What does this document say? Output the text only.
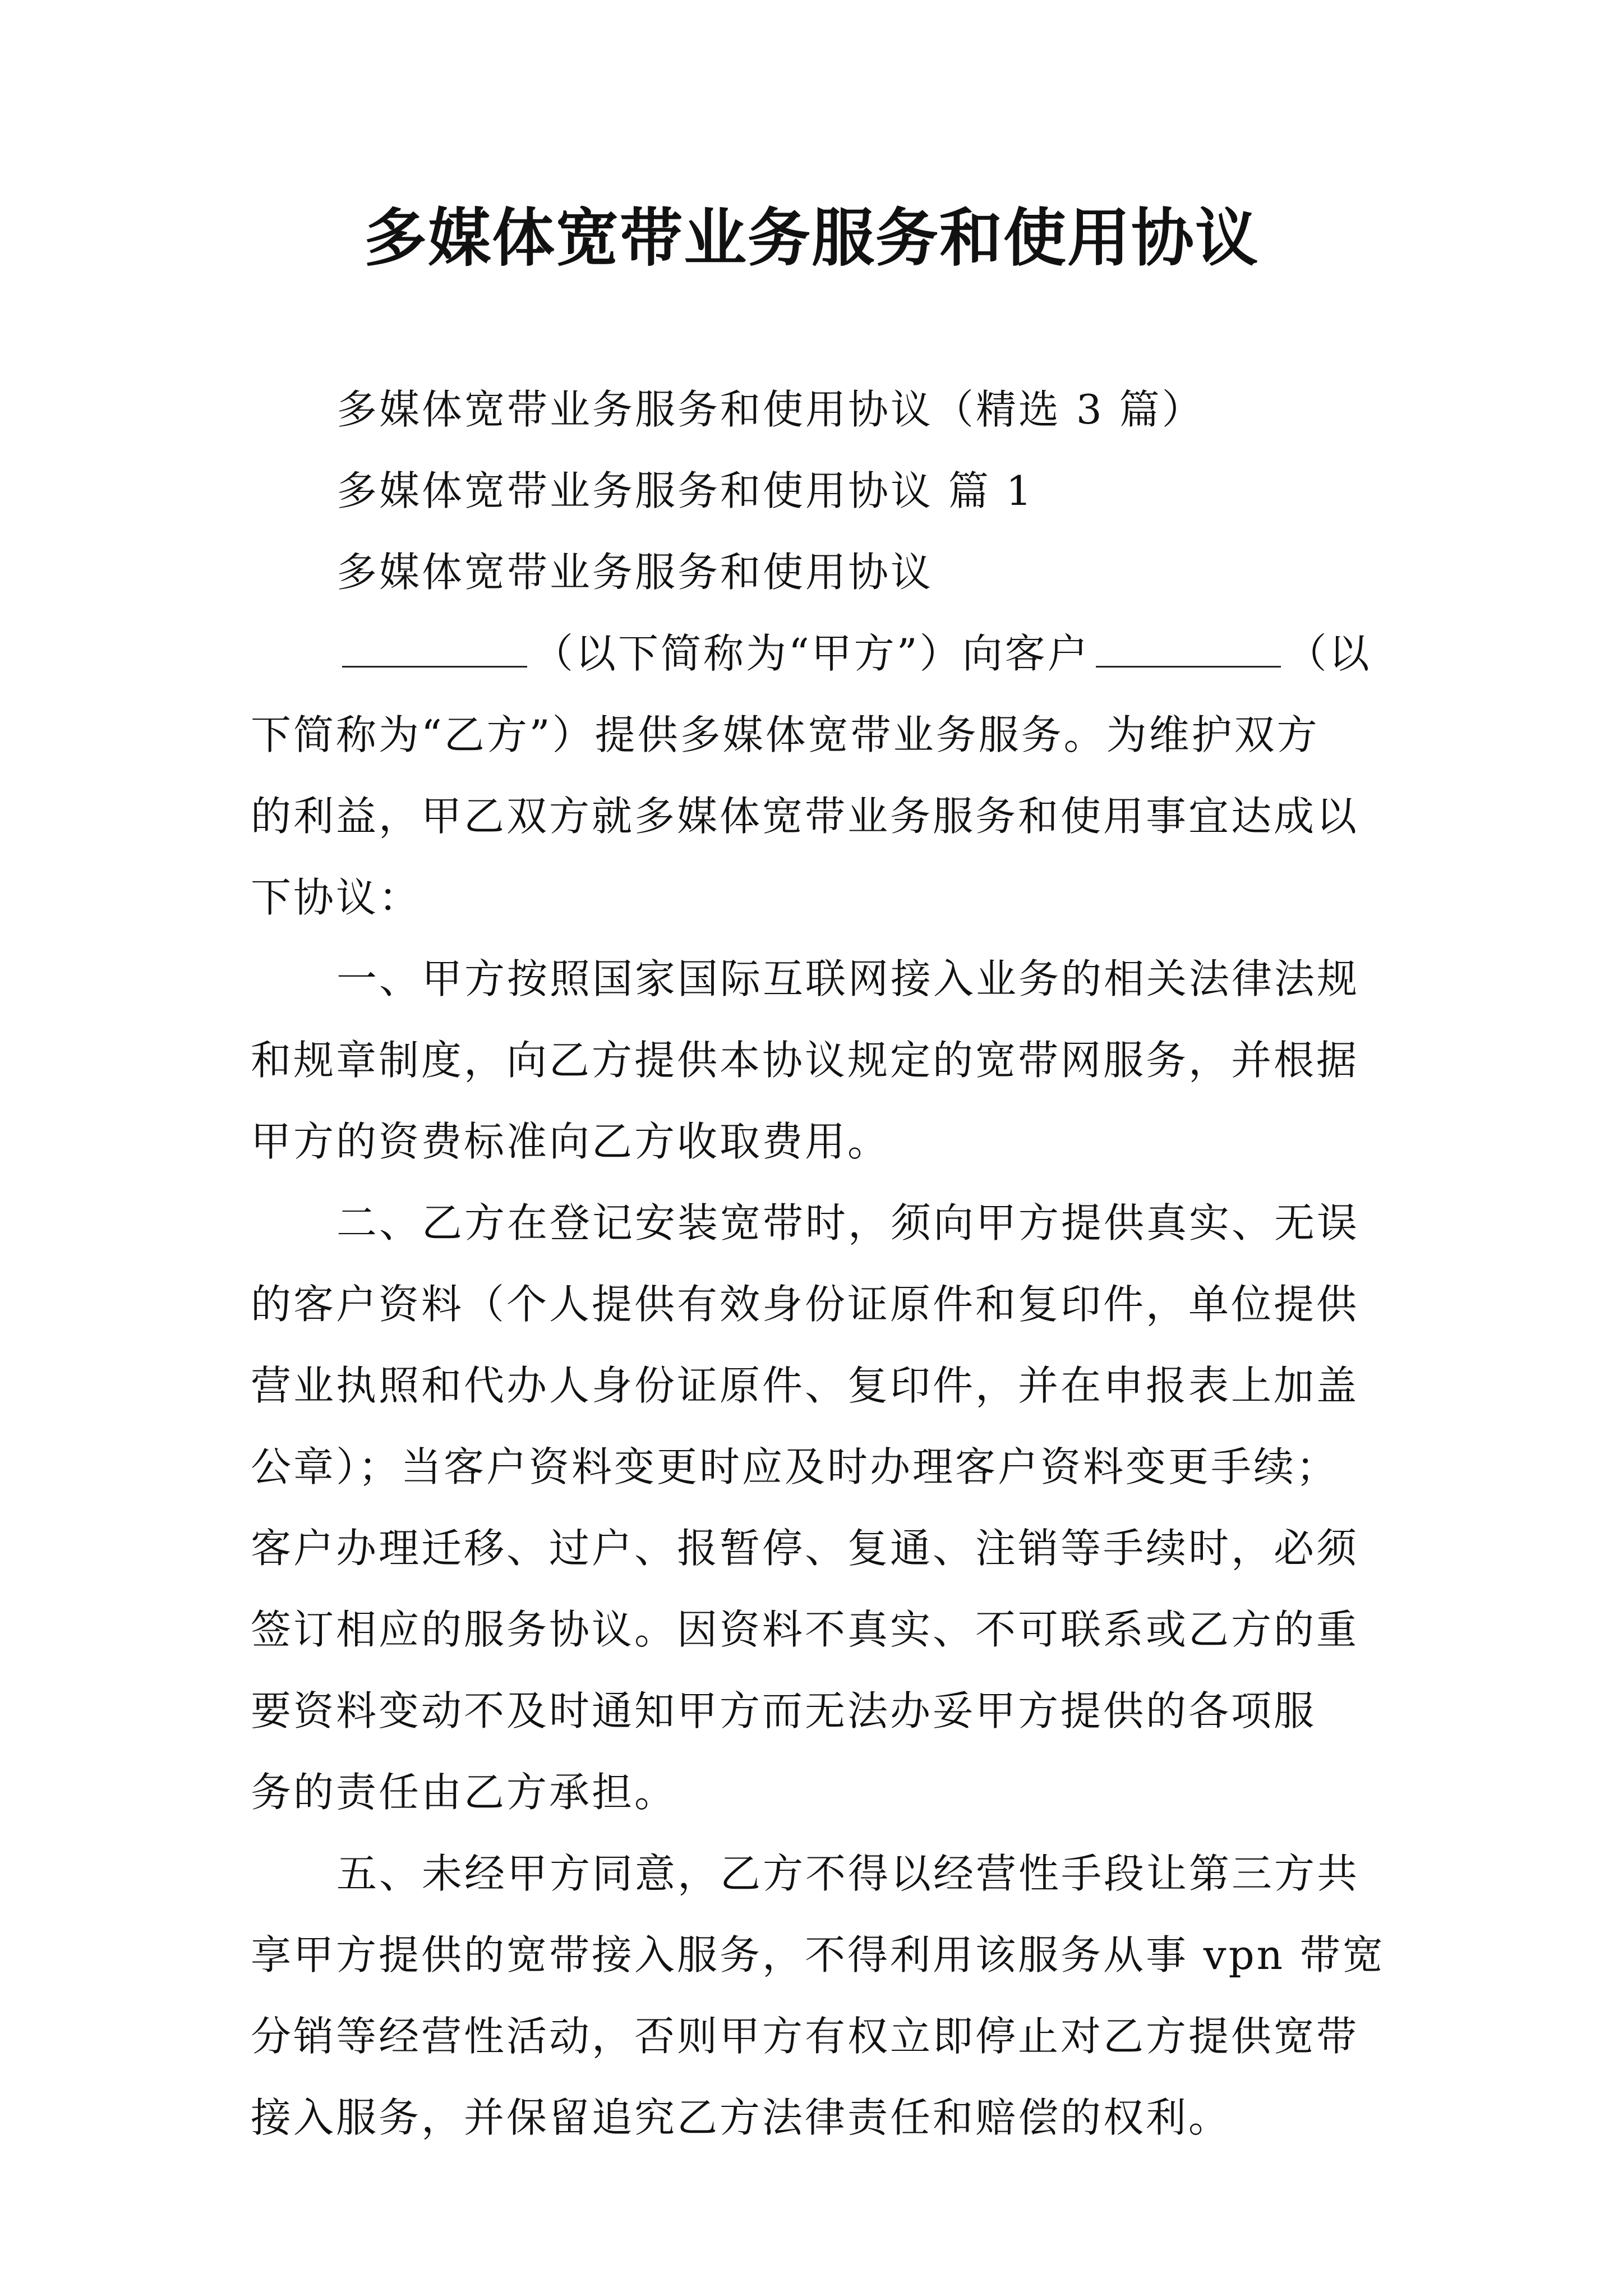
多媒体宽带业务服务和使用协议
多媒体宽带业务服务和使用协议（精选 3 篇）
多媒体宽带业务服务和使用协议 篇 1
多媒体宽带业务服务和使用协议
（以下简称为“甲方”）向客户	（以
下简称为“乙方”）提供多媒体宽带业务服务。为维护双方
的利益，甲乙双方就多媒体宽带业务服务和使用事宜达成以
下协议：
一、甲方按照国家国际互联网接入业务的相关法律法规
和规章制度，向乙方提供本协议规定的宽带网服务，并根据
甲方的资费标准向乙方收取费用。
二、乙方在登记安装宽带时，须向甲方提供真实、无误
的客户资料（个人提供有效身份证原件和复印件，单位提供
营业执照和代办人身份证原件、复印件，并在申报表上加盖
公章）；当客户资料变更时应及时办理客户资料变更手续；
客户办理迁移、过户、报暂停、复通、注销等手续时，必须
签订相应的服务协议。因资料不真实、不可联系或乙方的重
要资料变动不及时通知甲方而无法办妥甲方提供的各项服
务的责任由乙方承担。
五、未经甲方同意，乙方不得以经营性手段让第三方共
享甲方提供的宽带接入服务，不得利用该服务从事 vpn 带宽
分销等经营性活动，否则甲方有权立即停止对乙方提供宽带
接入服务，并保留追究乙方法律责任和赔偿的权利。
